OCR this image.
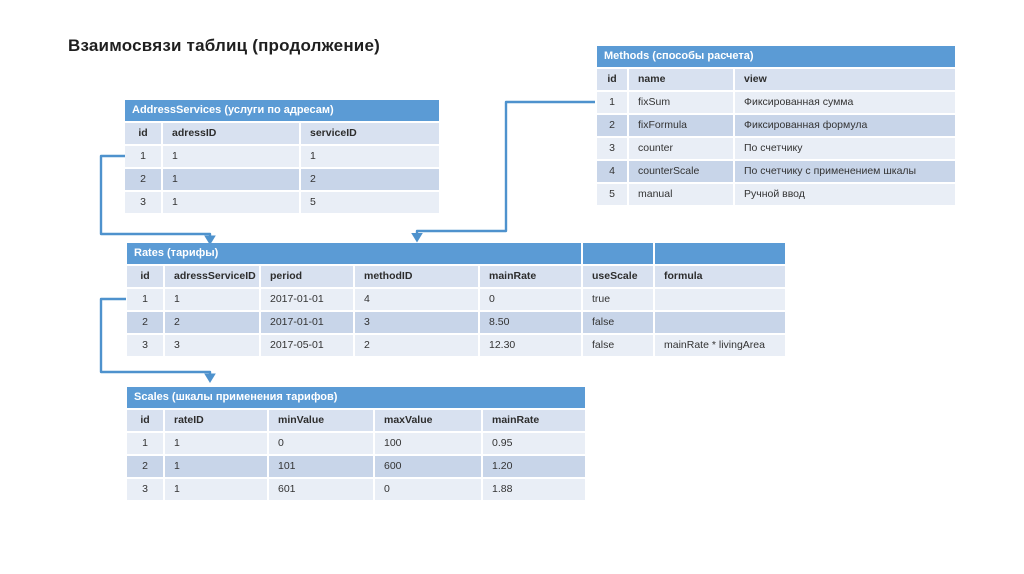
Взаимосвязи таблиц (продолжение)
AddressServices (услуги по адресам)		
id	adressID	serviceID
1	1	1
2	1	2
3	1	5
Methods (способы расчета)		
id	name	view
1	fixSum	Фиксированная сумма
2	fixFormula	Фиксированная формула
3	counter	По счетчику
4	counterScale	По счетчику с применением шкалы
5	manual	Ручной ввод
Rates (тарифы)						
id	adressServiceID	period	methodID	mainRate	useScale	formula
1	1	2017-01-01	4	0	true	
2	2	2017-01-01	3	8.50	false	
3	3	2017-05-01	2	12.30	false	mainRate * livingArea
Scales (шкалы применения тарифов)				
id	rateID	minValue	maxValue	mainRate
1	1	0	100	0.95
2	1	101	600	1.20
3	1	601	0	1.88
